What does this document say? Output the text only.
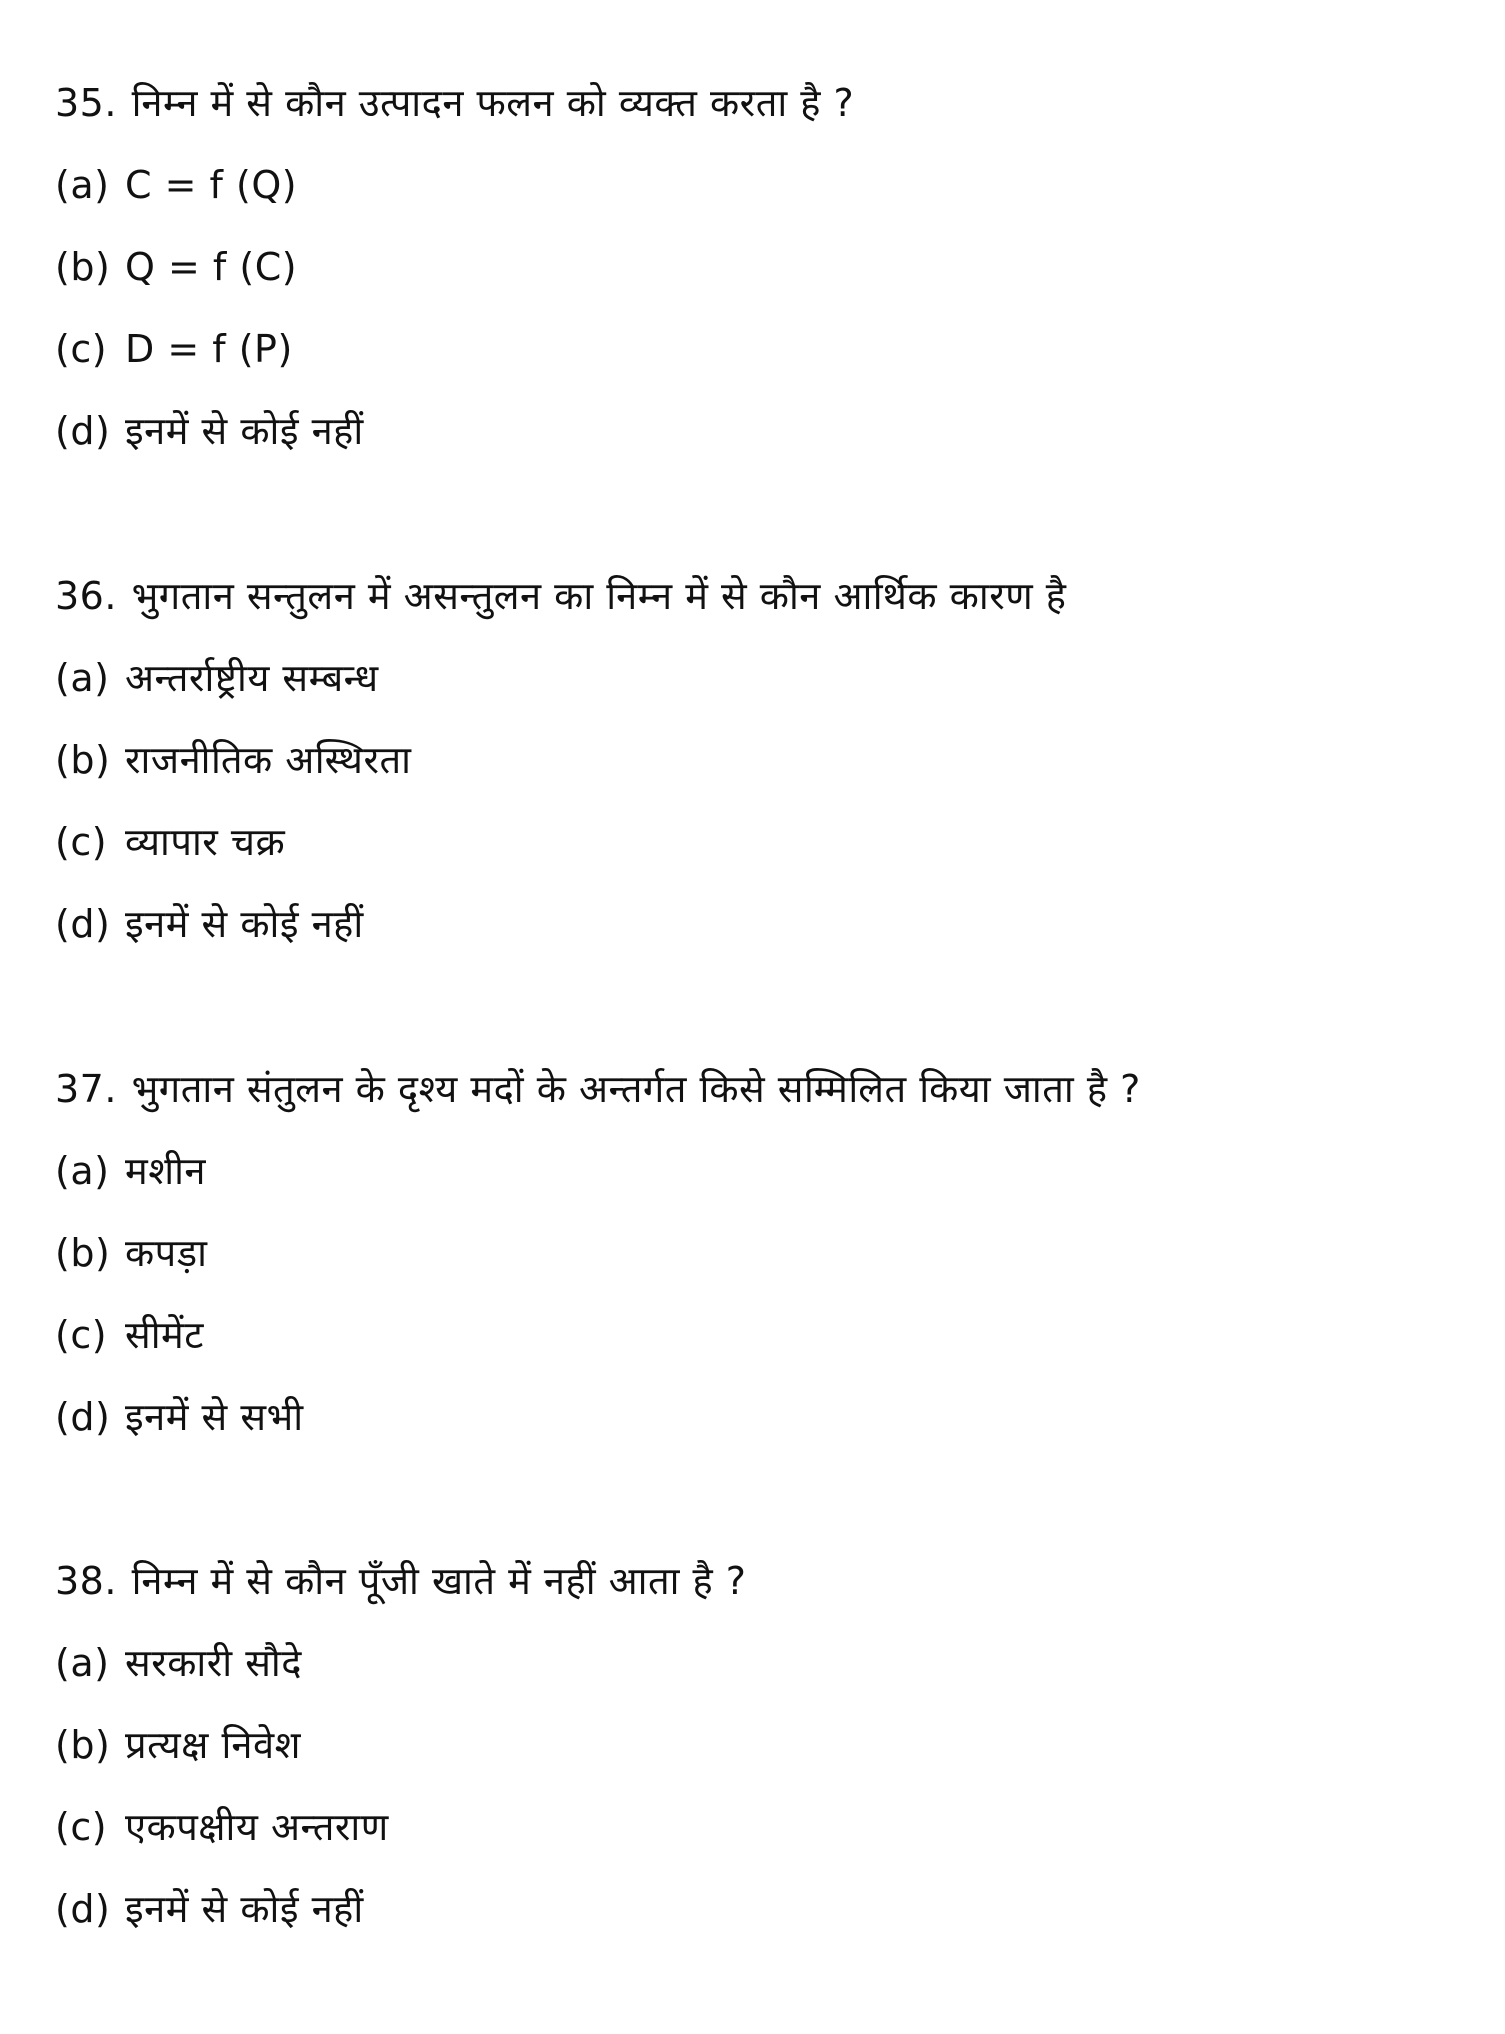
35. निम्न में से कौन उत्पादन फलन को व्यक्त करता है ?
(a) C = f (Q)
(b) Q = f (C)
(c) D = f (P)
(d) इनमें से कोई नहीं
36. भुगतान सन्तुलन में असन्तुलन का निम्न में से कौन आर्थिक कारण है
(a) अन्तर्राष्ट्रीय सम्बन्ध
(b) राजनीतिक अस्थिरता
(c) व्यापार चक्र
(d) इनमें से कोई नहीं
37. भुगतान संतुलन के दृश्य मदों के अन्तर्गत किसे सम्मिलित किया जाता है ?
(a) मशीन
(b) कपड़ा
(c) सीमेंट
(d) इनमें से सभी
38. निम्न में से कौन पूँजी खाते में नहीं आता है ?
(a) सरकारी सौदे
(b) प्रत्यक्ष निवेश
(c) एकपक्षीय अन्तराण
(d) इनमें से कोई नहीं
